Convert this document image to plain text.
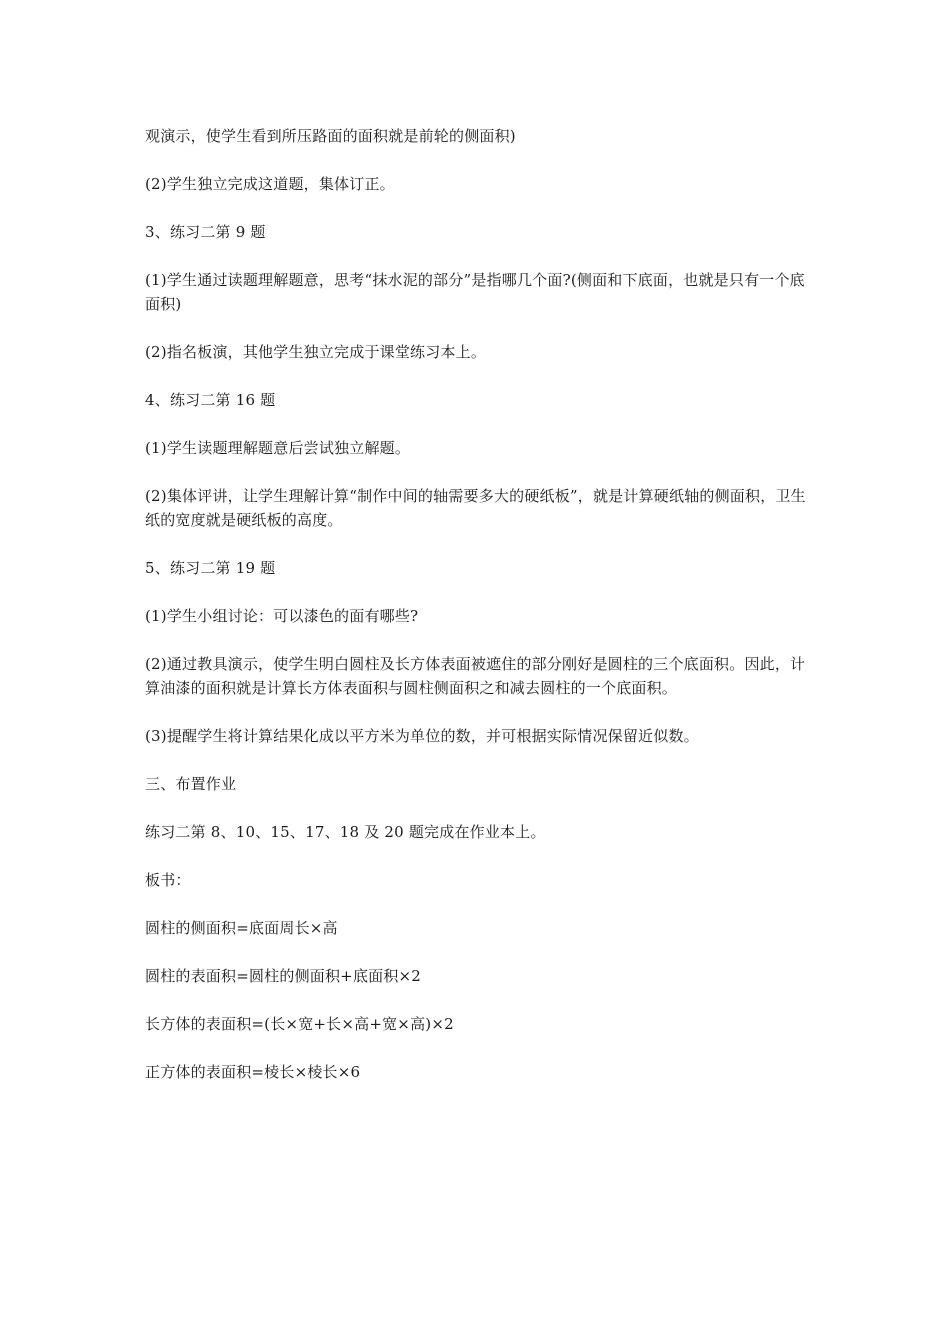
观演示，使学生看到所压路面的面积就是前轮的侧面积)

(2)学生独立完成这道题，集体订正。

3、练习二第 9 题

(1)学生通过读题理解题意，思考“抹水泥的部分”是指哪几个面?(侧面和下底面，也就是只有一个底面积)

(2)指名板演，其他学生独立完成于课堂练习本上。

4、练习二第 16 题

(1)学生读题理解题意后尝试独立解题。

(2)集体评讲，让学生理解计算“制作中间的轴需要多大的硬纸板”，就是计算硬纸轴的侧面积，卫生纸的宽度就是硬纸板的高度。

5、练习二第 19 题

(1)学生小组讨论：可以漆色的面有哪些?

(2)通过教具演示，使学生明白圆柱及长方体表面被遮住的部分刚好是圆柱的三个底面积。因此，计算油漆的面积就是计算长方体表面积与圆柱侧面积之和减去圆柱的一个底面积。

(3)提醒学生将计算结果化成以平方米为单位的数，并可根据实际情况保留近似数。

三、布置作业

练习二第 8、10、15、17、18 及 20 题完成在作业本上。

板书：

圆柱的侧面积=底面周长×高

圆柱的表面积=圆柱的侧面积+底面积×2

长方体的表面积=(长×宽+长×高+宽×高)×2

正方体的表面积=棱长×棱长×6
